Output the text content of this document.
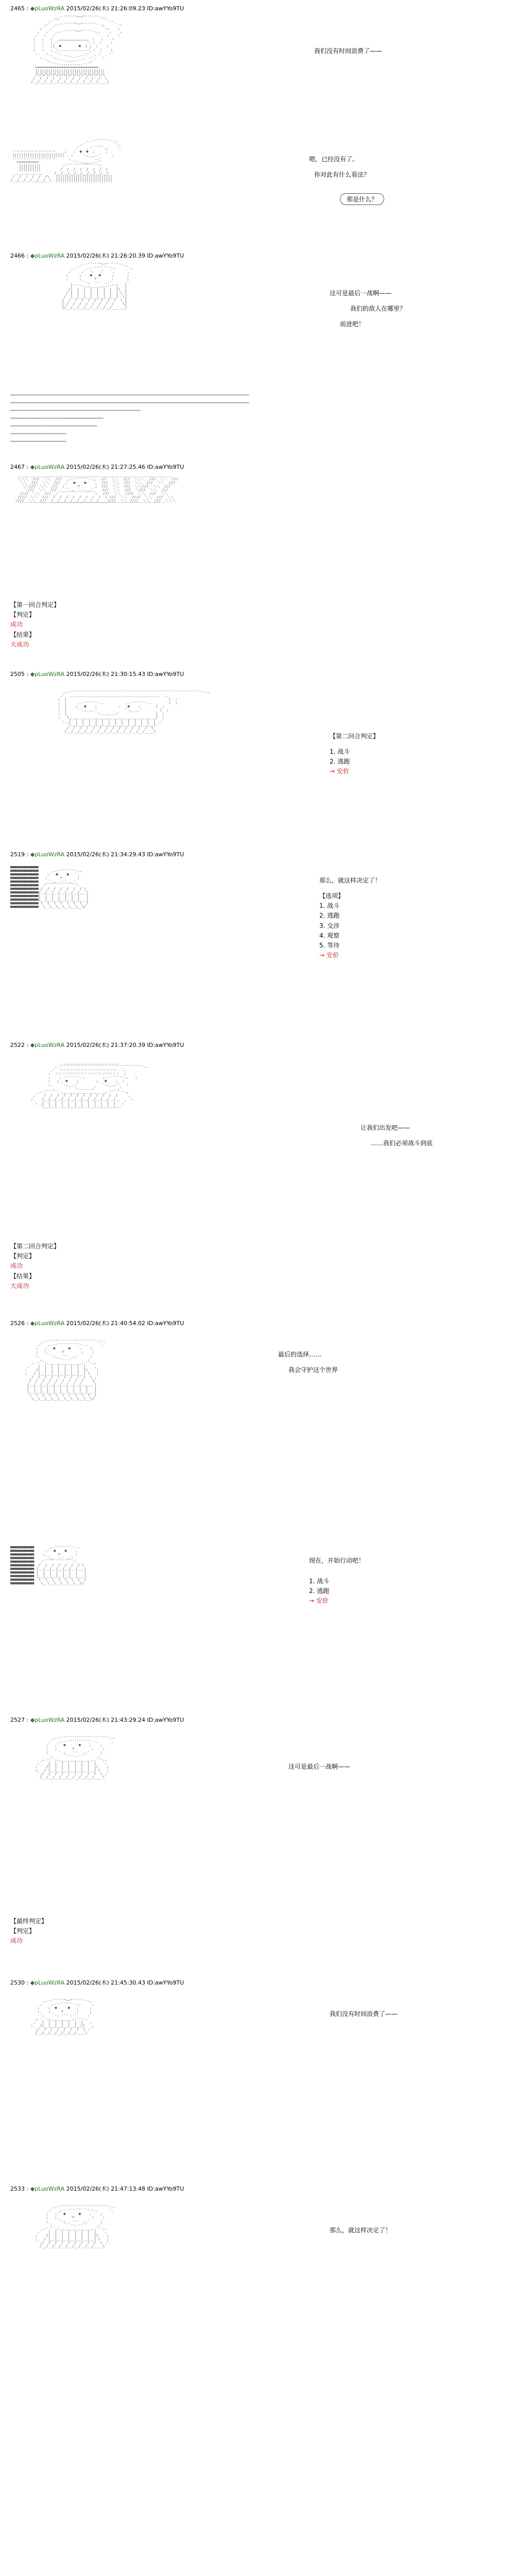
2465 : ◆pLuoWzRA 2015/02/26(木) 21:26:09.23 ID:awYYo9TU
,.-‐'''''"~~~"''''''‐-.,
,.‐'"                   ``'‐.,
,.'  ,.-‐'''''"~~"''''''‐-.,    `'.,
,.'  ,'                     `'.,   `,
,'  ,'   ,.-‐''''"~~"''''‐-.,   `,   `,
,'  ;   ,'                 `'.   ;    ;
;   ;   ;   ＿＿＿＿＿＿＿＿  ;   ;    ;
;   ;   ; ／￣￣￣￣￣￣￣￣＼ ;  ;    ;
;   ;   ;|  ●        ●  | ;  ;    ;
;   ;   ; ＼＿＿＿＿＿＿＿＿／ ;  ;    ;
`,   `,  `'.,           ,.'   ,'   ,'
`,   `'.,  `''‐-..-‐''  ,.'   ,'
`'.,  `''‐-.,,,.-‐''  ,.'
`''‐-.,,,,,,,,,.-‐''
━━━━━━━━━━━━━━━━━━━━━━━━━━━━━
||||||||||||||||||||||||||||||||
/\/\/\/\/\/\/\/\/\/\/\/\/\/\/\/\
/  /  /  /  /  /  /  /  /  /  /  \
/__/__/__/__/__/__/__/__/__/__/____\
我们没有时间浪费了——
,.-‐'''''''‐-.,
,.'    ___     `'.,
,'   ,.'   `'.,    `,
＝＝＝＝＝＝＝＝＝＝＝＝    ;   ;  ●  ●  ;     ;
||||||||||||||||||||||||   ;   `'.,___,.'     ;
＝＝＝＝＝＝＝＝＝＝＝＝     `,           ,.'
==========               `''‐-.,,,.-‐''
||||||||||          ／￣￣￣￣￣￣￣￣￣＼
||||||||||         /  /  /  /  /  /  /  \
＿＿＿＿＿＿＿＿     /__/__/__/__/__/__/__/__\
/  /  /  /  /  /\   ||||||||||||||||||||||||||
/__/__/__/__/__/__\  ||||||||||||||||||||||||||
嗯，已经没有了。
你对此有什么看法？
那是什么？
2466 : ◆pLuoWzRA 2015/02/26(木) 21:26:20.39 ID:awYYo9TU
,.-‐'''''"~~"'''''‐-.,
,.'   ,.-‐''''''‐-.,    `'.,
,'    ,'  ＼   ／   `,     `,
;     ;    ●   ●     ;      ;
;     ;      ▽       ;      ;
`,    `'.,  ‐‐‐  ,.'      ,'
|`''‐-.,,_____,,.-‐''|   |
/|  |  |  |  |  |  |  |\  |
/ |  |  |  |  |  |  |  | \ |
/  |__|__|__|__|__|__|__|  \|
|  /  /  /  /  /  /  /  /  \ |
| /  /  /  /  /  /  /  /    \|
|/__/__/__/__/__/__/__/______|
这可是最后一战啊——
我们的敌人在哪里？
前进吧！
━━━━━━━━━━━━━━━━━━━━━━━━━━━━━━━━━━━━━━━━━━━━━━━━━━━━━━━━━━━━━━━━━━━━━━━━━━━━━
━━━━━━━━━━━━━━━━━━━━━━━━━━━━━━━━━━━━━━━━━━━━━━━━━━━━━━━━━━━━━━━━━━━━━━━━━━━━━
━━━━━━━━━━━━━━━━━━━━━━━━━━━━━━━━━━━━━━━━━━
━━━━━━━━━━━━━━━━━━━━━━━━━━━━━━
━━━━━━━━━━━━━━━━━━━━━━━━━━━━
━━━━━━━━━━━━━━━━━━
━━━━━━━━━━━━━━━━━━
2467 : ◆pLuoWzRA 2015/02/26(木) 21:27:25.46 ID:awYYo9TU
＿＿＿＿＿＿＿＿＿＿＿＿＿＿＿＿＿＿＿＿＿＿＿＿＿＿＿＿＿＿＿＿＿＿＿＿＿＿＿＿＿＿＿
＼＼＼  ///  ＼＼  ///  ,.-‐''''''‐-.,  ///  ＼＼  ///  ＼＼＼  ///  ＼＼  ///
＼＼  ///  ＼＼  ///  ,'  ●    ●   `,  ///  ＼＼  ///  ＼＼  ///  ＼＼  ///
＼＼///  ＼＼  ///  ;      ▽       ;  ///  ＼＼  ///  ＼＼///  ＼＼  ///
＼///  ＼＼  ///    `'.,  ‐‐‐ ,.'    ///  ＼＼  ///  ＼///  ＼＼  ///
////  ＼＼  ///  ／￣￣￣￣￣￣￣￣￣￣＼  ///  ＼＼  ////  ＼＼  ///  ＼＼
////  ＼＼  ///  /  /  /  /  /  /  /  /  \ ///  ＼＼  ////  ＼＼  ///  ＼＼
////  ＼＼  ///  /__/__/__/__/__/__/__/____\///  ＼＼ ////  ＼＼  ///  ＼＼＼
￣￣￣￣￣￣￣￣￣￣￣￣￣￣￣￣￣￣￣￣￣￣￣￣￣￣￣￣￣￣￣￣￣￣￣￣￣￣￣￣￣
【第一回合判定】
【判定】
成功
【结果】
大成功
2505 : ◆pLuoWzRA 2015/02/26(木) 21:30:15.43 ID:awYYo9TU
,.-‐'''''''''''''''''''''''''''''''''''''''''''''''''''''''''''‐-.,
,'  ＿＿＿＿＿＿＿＿＿＿＿＿＿＿＿＿＿＿＿＿＿＿＿＿＿  `,
;  /                                               \  ;
;  |     ,.-‐''''‐-.,          ,.-‐''''‐-.,        |  ;
;  |    ;   ●    ;          ;   ●    ;       |  ;
;  |     `'.,__,.'            `'.,__,.'        |  ;
;  |              ＼＿＿＿＿／                 |  ;
;   \________________________________________/  ;
`,  |  |  |  |  |  |  |  |  |  |  |  |  |  |  ,'
`'|__|__|__|__|__|__|__|__|__|__|__|__|__|.'
/  /  /  /  /  /  /  /  /  /  /  /  /  \
/__/__/__/__/__/__/__/__/__/__/__/__/____\
【第二回合判定】
1. 战斗
2. 逃跑
→ 安价
2519 : ◆pLuoWzRA 2015/02/26(木) 21:34:29.43 ID:awYYo9TU
■■■■■■■■■■■■■
■■■■■■■■■■■■■      ,.-‐''''''‐-.,
■■■■■■■■■■■■■    ,'  ●    ●   `,
■■■■■■■■■■■■■   ;      ▽       ;
■■■■■■■■■■■■■    `'.,  ‐‐‐ ,.'
■■■■■■■■■■■■■  ／￣￣￣￣￣￣￣￣＼
■■■■■■■■■■■■■ /  /  /  /  /  /  / \
■■■■■■■■■■■■■/__/__/__/__/__/__/___\
■■■■■■■■■■■■■|  |  |  |  |  |  |   |
■■■■■■■■■■■■■|__|__|__|__|__|__|___|
■■■■■■■■■■■■■ \  \  \  \  \  \  \  /
■■■■■■■■■■■■■  \__\__\__\__\__\__\/
那么，就这样决定了！
【选项】
1. 战斗
2. 逃跑
3. 交涉
4. 观察
5. 等待
→ 安价
2522 : ◆pLuoWzRA 2015/02/26(木) 21:37:20.39 ID:awYYo9TU
＿＿＿＿＿＿＿＿＿＿＿＿＿＿＿＿
,.-'''''''''''''''''''''''''''''''''''''-.,
,'  ＝＝＝＝＝＝＝＝＝＝＝＝＝＝＝＝  `,
;  ＝＝＝＝＝＝＝＝＝＝＝＝＝＝＝＝＝＝  ;
;    ,.-‐''''‐-.,        ,.-‐''''‐-.,   ;
;   ;   ●    ;        ;   ●    ;  ;
;    `'.,__,.'          `'.,__,.'   ;
`,         ＼＿＿＿＿／          ,'
,.-‐''''`'.,___________________,.'''''‐-.,
,'   /  /  /  /  /  /  /  /  /  /  /  /    `,
;    /__/__/__/__/__/__/__/__/__/__/__/__     ;
`,  |  |  |  |  |  |  |  |  |  |  |  |   ,'
`'|__|__|__|__|__|__|__|__|__|__|__|_,.'
让我们出发吧——
……我们必须战斗到底
【第二回合判定】
【判定】
成功
【结果】
大成功
2526 : ◆pLuoWzRA 2015/02/26(木) 21:40:54.02 ID:awYYo9TU
,.-‐'''''''''''''''''''''‐-.,
,'   ,.-‐''''''''''‐-.,     `,
;   ,'  ●      ●   `,    ;
;   ;       ▽        ;    ;
;    `'.,   ‐‐‐  ,.'     ;
`,     `''‐-..-‐''     ,'
,.-‐`'.,_______________,.'‐-.,
,'   |  |  |  |  |  |  |  |   `,
;    /|  |  |  |  |  |  |  |\    ;
;   / |__|__|__|__|__|__|__| \   ;
`,/  /  /  /  /  /  /  /  /  \ ,'
/  /  /  /  /  /  /  /  /    \
/__/__/__/__/__/__/__/__/______\
|  |  |  |  |  |  |  |  |  |   |
|__|__|__|__|__|__|__|__|__|___|
\  \  \  \  \  \  \  \  \  \  /
\__\__\__\__\__\__\__\__\__\/
最后的选择……
我会守护这个世界
■■■■■■■■■■■       ,.-‐''''''‐-.,
■■■■■■■■■■■     ,'  ●    ●   `,
■■■■■■■■■■■    ;      ▽       ;
■■■■■■■■■■■     `'.,  ‐‐‐ ,.'
■■■■■■■■■■■   ／￣￣￣￣￣￣￣￣＼
■■■■■■■■■■■  /  /  /  /  /  /  / \
■■■■■■■■■■■ /__/__/__/__/__/__/___\
■■■■■■■■■■■ |  |  |  |  |  |  |   |
■■■■■■■■■■■ |__|__|__|__|__|__|___|
■■■■■■■■■■■  \  \  \  \  \  \  \  /
■■■■■■■■■■■   \__\__\__\__\__\__\/
现在，开始行动吧！
1. 战斗
2. 逃跑
→ 安价
2527 : ◆pLuoWzRA 2015/02/26(木) 21:43:29.24 ID:awYYo9TU
,.-‐'''''''''''''''''''''‐-.,
,'   ,.-‐''''''''''‐-.,     `,
;   ,'  ●      ●   `,    ;
;   ;       ▽        ;    ;
;    `'.,   ‐‐‐  ,.'     ;
`,     `''‐-..-‐''     ,'
,.-‐`'.,_______________,.'‐-.,
,'   |  |  |  |  |  |  |  |   `,
;    /|  |  |  |  |  |  |  |\    ;
;   / |__|__|__|__|__|__|__| \   ;
`,/  /  /  /  /  /  /  /  /  \ ,'
/__/__/__/__/__/__/__/__/____\
这可是最后一战啊——
【最终判定】
【判定】
成功
2530 : ◆pLuoWzRA 2015/02/26(木) 21:45:30.43 ID:awYYo9TU
,.-‐'''''"~~"'''''‐-.,
,'   ,.-‐''''''‐-.,    `,
;    ;  ●     ●   ;     ;
;    ;     ▽      ;     ;
`,   `'., ‐‐‐ ,.'     ,'
,.-`'.,__________,.'‐-.,
,'  |  |  |  |  |  |  |  `,
;   /|__|__|__|__|__|__|\   ;
`,/  /  /  /  /  /  /  \ ,'
/__/__/__/__/__/__/____\
我们没有时间浪费了——
2533 : ◆pLuoWzRA 2015/02/26(木) 21:47:13.48 ID:awYYo9TU
,.-‐'''''''''''''''''''''‐-.,
,'   ,.-‐''''''''''‐-.,     `,
;   ,'  ●      ●   `,    ;
;   ;       ▽        ;    ;
;    `'.,   ‐‐‐  ,.'     ;
`,     `''‐-..-‐''     ,'
,.-‐`'.,_______________,.'‐-.,
,'   |  |  |  |  |  |  |  |   `,
;    /|  |  |  |  |  |  |  |\    ;
;   / |__|__|__|__|__|__|__| \   ;
`,/  /  /  /  /  /  /  /  /  \ ,'
/__/__/__/__/__/__/__/__/____\
那么，就这样决定了！
